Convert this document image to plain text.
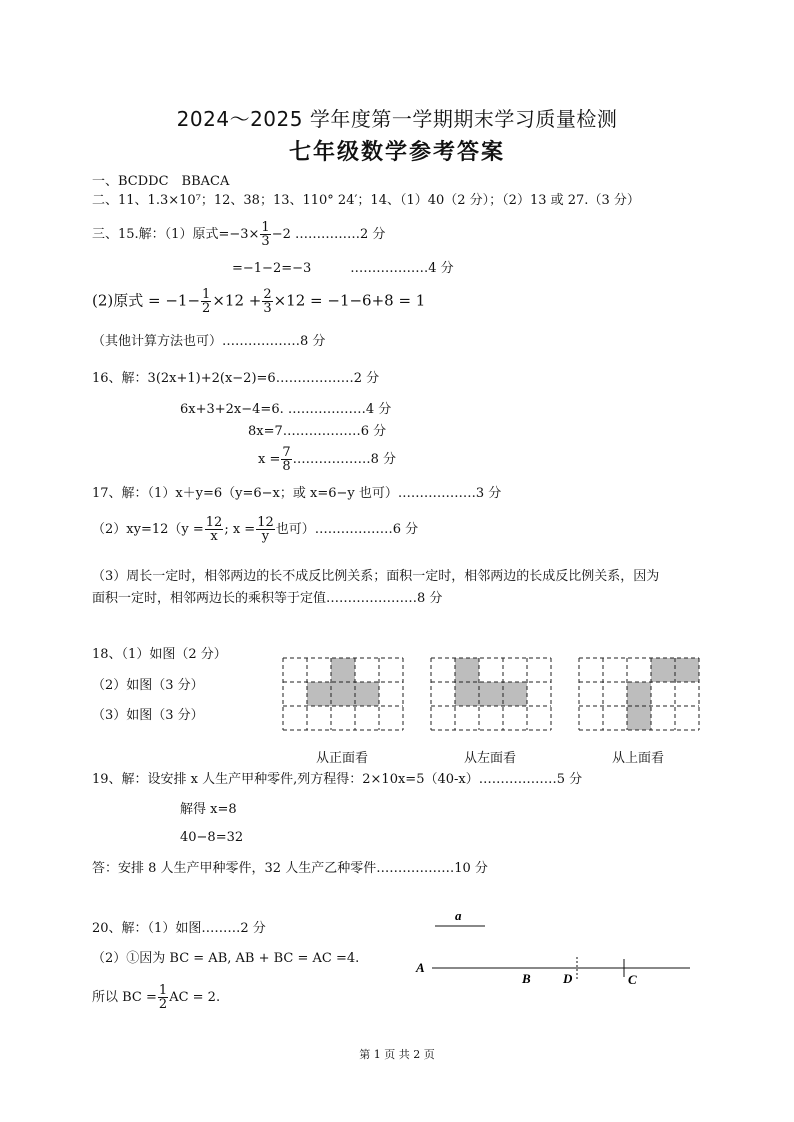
2024～2025 学年度第一学期期末学习质量检测
七年级数学参考答案
一、BCDDC　BBACA
二、11、1.3×10⁷；12、38；13、110° 24′；14、（1）40（2 分）；（2）13 或 27.（3 分）
三、15.解：（1）原式$=-3\times \frac{1}{3} -2$ ……………2 分
=−1−2=−3　　　………………4 分
(2)原式 = $-1- \frac{1}{2} \times 12 + \frac{2}{3} \times 12 = -1-6+8 = 1$
（其他计算方法也可）………………8 分
16、解：3(2x+1)+2(x−2)=6………………2 分
6x+3+2x−4=6. ………………4 分
8x=7………………6 分
$x = \frac{7}{8}$ ………………8 分
17、解：（1）x＋y=6（y=6−x；或 x=6−y 也可）………………3 分
$(2)xy=12(y = \frac{12}{x}$ ; $x = \frac{12}{y}$ 也可）………………6 分
（3）周长一定时，相邻两边的长不成反比例关系；面积一定时，相邻两边的长成反比例关系，因为
面积一定时，相邻两边长的乘积等于定值…………………8 分
18、（1）如图（2 分）
（2）如图（3 分）
（3）如图（3 分）
从正面看	从左面看	从上面看
19、解：设安排 x 人生产甲种零件,列方程得：2×10x=5（40-x）………………5 分
解得 x=8
40−8=32
答：安排 8 人生产甲种零件，32 人生产乙种零件………………10 分
20、解：（1）如图………2 分
（2）①因为 BC = AB, AB + BC = AC =4.
所以 BC = $\frac{1}{2}$ AC = 2.
a
A
B D	C
第 1 页 共 2 页
